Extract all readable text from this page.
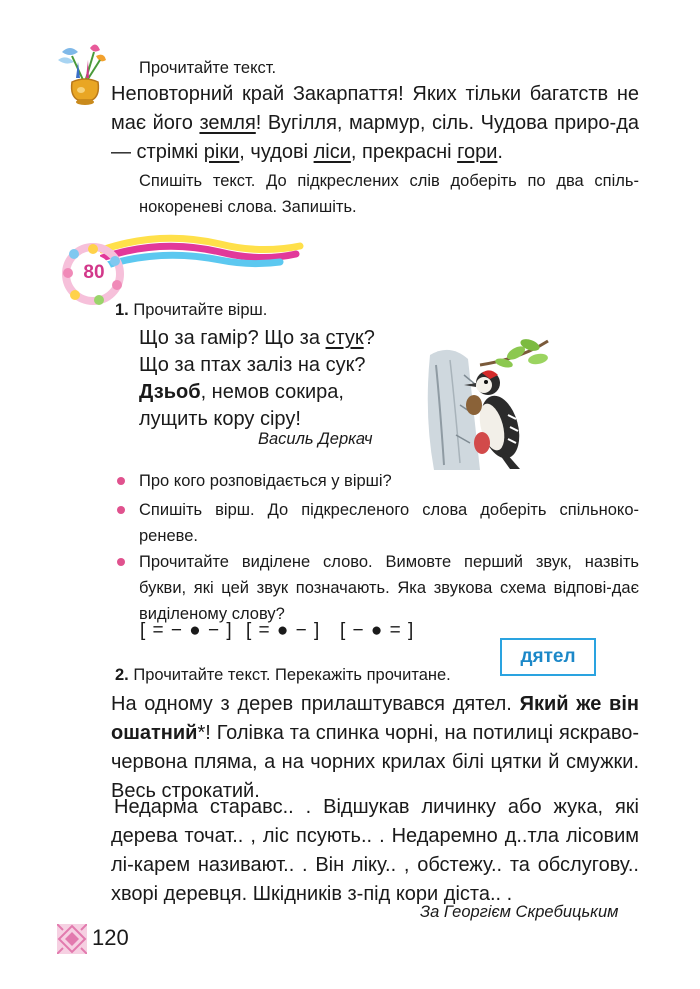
Прочитайте текст.
Неповторний край Закарпаття! Яких тільки багатств не має його земля! Вугілля, мармур, сіль. Чудова приро-да — стрімкі ріки, чудові ліси, прекрасні гори.
Спишіть текст. До підкреслених слів доберіть по два спіль-нокореневі слова. Запишіть.
80
1. Прочитайте вірш.
Що за гамір? Що за стук?
Що за птах заліз на сук?
Дзьоб, немов сокира,
лущить кору сіру!
Василь Деркач
Про кого розповідається у вірші?
Спишіть вірш. До підкресленого слова доберіть спільноко-реневе.
Прочитайте виділене слово. Вимовте перший звук, назвіть букви, які цей звук позначають. Яка звукова схема відпові-дає виділеному слову?
[ = − ● − ] [ = ● − ] [ − ● = ]
дятел
2. Прочитайте текст. Перекажіть прочитане.
На одному з дерев прилаштувався дятел. Який же він ошатний*! Голівка та спинка чорні, на потилиці яскраво-червона пляма, а на чорних крилах білі цятки й смужки. Весь строкатий.
Недарма старавс.. . Відшукав личинку або жука, які дерева точат.. , ліс псують.. . Недаремно д..тла лісовим лі-карем називают.. . Він ліку.. , обстежу.. та обслугову.. хворі деревця. Шкідників з-під кори діста.. .
За Георгієм Скребицьким
120
